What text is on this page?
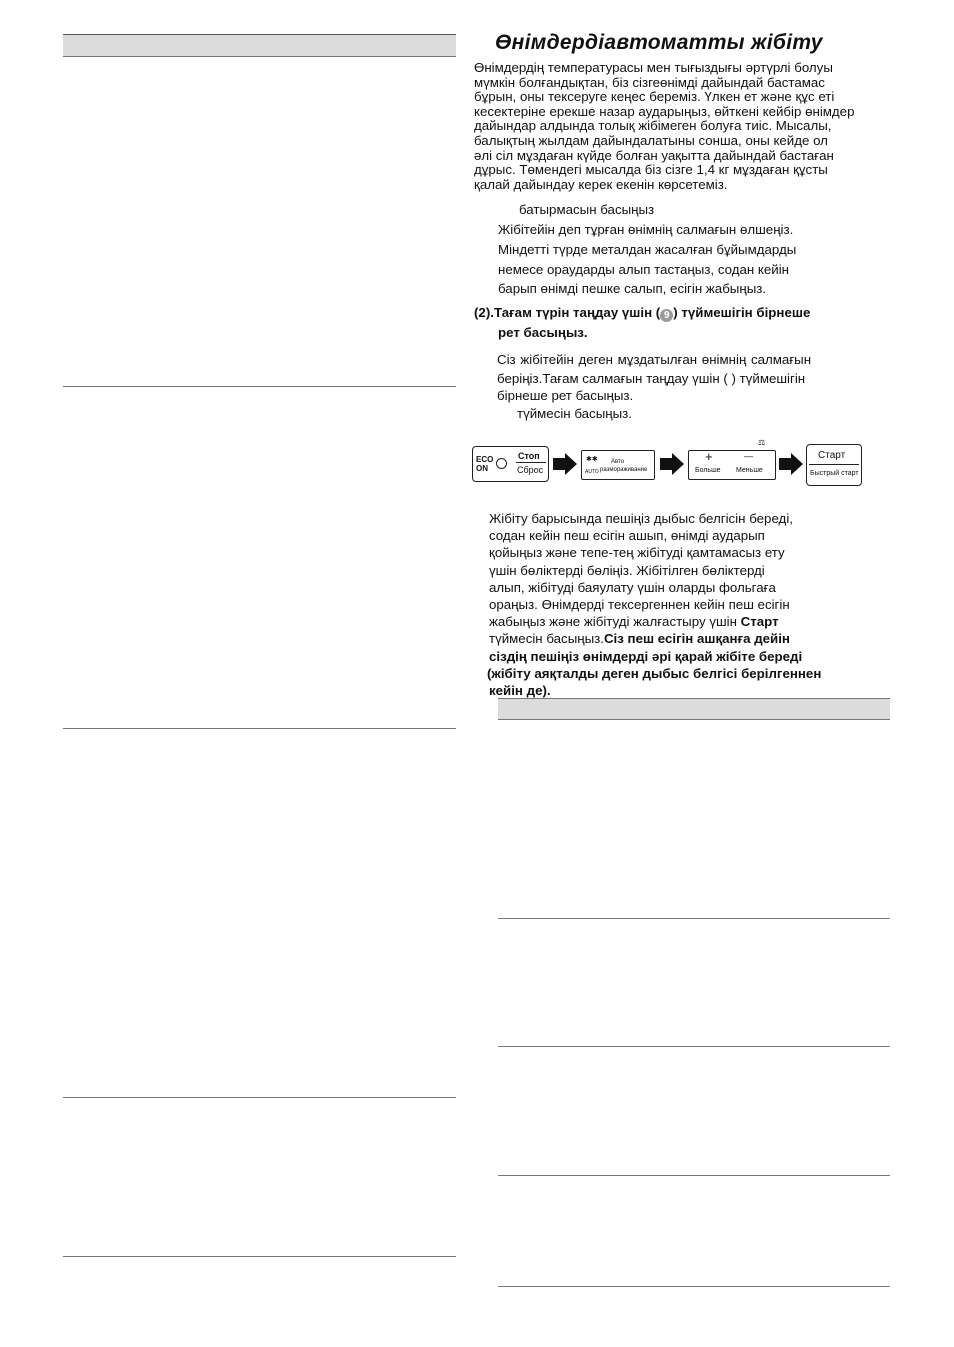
Өнімдердіавтоматты жібіту
Өнімдердің температурасы мен тығыздығы әртүрлі болуы
мүмкін болғандықтан, біз сізгеөнімді дайындай бастамас
бұрын, оны тексеруге кеңес береміз. Үлкен ет және құс еті
кесектеріне ерекше назар аударыңыз, өйткені кейбір өнімдер
дайындар алдында толық жібімеген болуға тиіс. Мысалы,
балықтың жылдам дайындалатыны сонша, оны кейде ол
әлі сіл мұздаған күйде болған уақытта дайындай бастаған
дұрыс. Төмендегі мысалда біз сізге 1,4 кг мұздаған құсты
қалай дайындау керек екенін көрсетеміз.
батырмасын басыңыз
Жібітейін деп тұрған өнімнің салмағын өлшеңіз.
Міндетті түрде металдан жасалған бұйымдарды
немесе ораударды алып тастаңыз, содан кейін
барып өнімді пешке салып, есігін жабыңыз.
(2).Тағам түрін таңдау үшін ( 9 ) түймешігін бірнеше
рет басыңыз.
Сіз жібітейін деген мұздатылған өнімнің салмағын
беріңіз.Тағам салмағын таңдау үшін ( ) түймешігін
бірнеше рет басыңыз.
түймесін басыңыз.
ECO
ON
Стоп
Сброс
✱✱
AUTO
Авто
размораживание
⚖
+	—
Больше Меньше
Старт
Быстрый старт
Жібіту барысында пешіңіз дыбыс белгісін береді,
содан кейін пеш есігін ашып, өнімді аударып
қойыңыз және тепе-тең жібітуді қамтамасыз ету
үшін бөліктерді бөліңіз. Жібітілген бөліктерді
алып, жібітуді баяулату үшін оларды фольгаға
ораңыз. Өнімдерді тексергеннен кейін пеш есігін
жабыңыз және жібітуді жалғастыру үшін Старт
түймесін басыңыз.Сіз пеш есігін ашқанға дейін
сіздің пешіңіз өнімдерді әрі қарай жібіте береді
(жібіту аяқталды деген дыбыс белгісі берілгеннен
кейін де).
